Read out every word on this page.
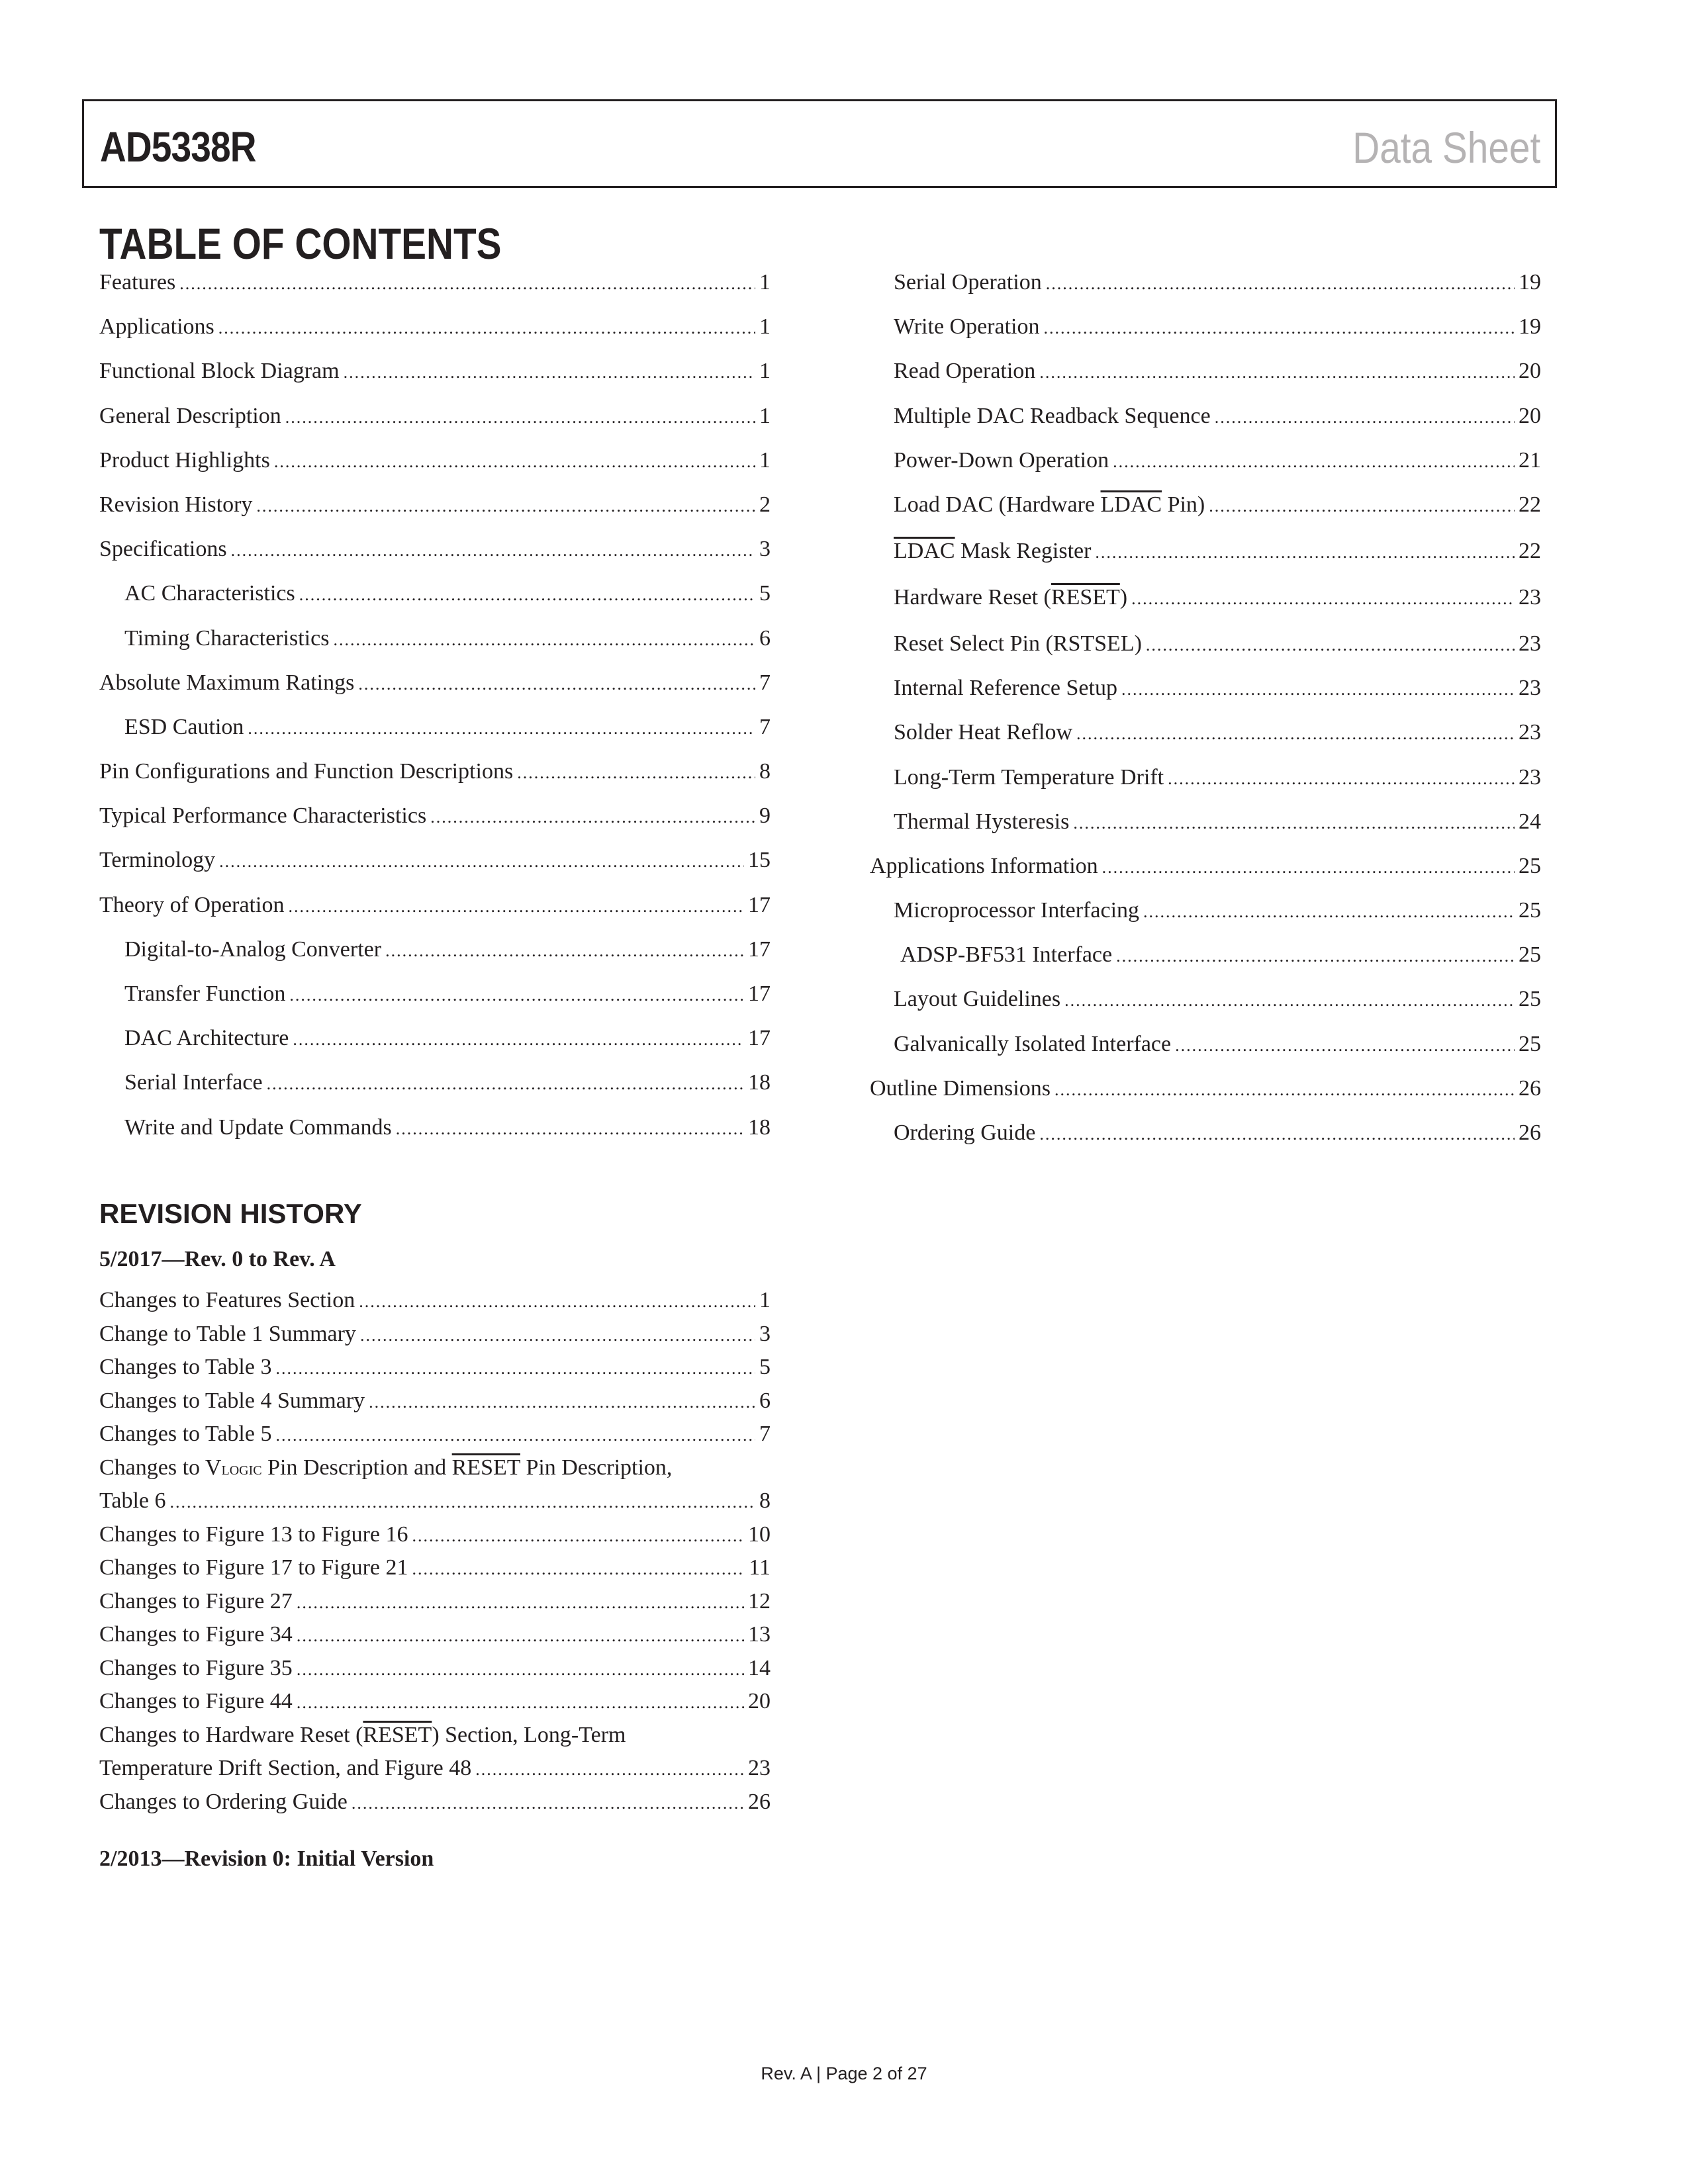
AD5338R	Data Sheet
TABLE OF CONTENTS
Features .....	1
Applications .....	1
Functional Block Diagram .....	1
General Description .....	1
Product Highlights .....	1
Revision History .....	2
Specifications .....	3
AC Characteristics .....	5
Timing Characteristics .....	6
Absolute Maximum Ratings .....	7
ESD Caution .....	7
Pin Configurations and Function Descriptions .....	8
Typical Performance Characteristics .....	9
Terminology .....	15
Theory of Operation .....	17
Digital-to-Analog Converter .....	17
Transfer Function .....	17
DAC Architecture .....	17
Serial Interface .....	18
Write and Update Commands .....	18
Serial Operation .....	19
Write Operation .....	19
Read Operation .....	20
Multiple DAC Readback Sequence .....	20
Power-Down Operation .....	21
Load DAC (Hardware LDAC Pin) .....	22
LDAC Mask Register .....	22
Hardware Reset (RESET) .....	23
Reset Select Pin (RSTSEL) .....	23
Internal Reference Setup .....	23
Solder Heat Reflow .....	23
Long-Term Temperature Drift .....	23
Thermal Hysteresis .....	24
Applications Information .....	25
Microprocessor Interfacing .....	25
ADSP-BF531 Interface .....	25
Layout Guidelines .....	25
Galvanically Isolated Interface .....	25
Outline Dimensions .....	26
Ordering Guide .....	26
REVISION HISTORY
5/2017—Rev. 0 to Rev. A
Changes to Features Section .....	1
Change to Table 1 Summary .....	3
Changes to Table 3 .....	5
Changes to Table 4 Summary .....	6
Changes to Table 5 .....	7
Changes to VLOGIC Pin Description and RESET Pin Description,
Table 6 .....	8
Changes to Figure 13 to Figure 16 .....	10
Changes to Figure 17 to Figure 21 .....	11
Changes to Figure 27 .....	12
Changes to Figure 34 .....	13
Changes to Figure 35 .....	14
Changes to Figure 44 .....	20
Changes to Hardware Reset (RESET) Section, Long-Term
Temperature Drift Section, and Figure 48 .....	23
Changes to Ordering Guide .....	26
2/2013—Revision 0: Initial Version
Rev. A | Page 2 of 27
